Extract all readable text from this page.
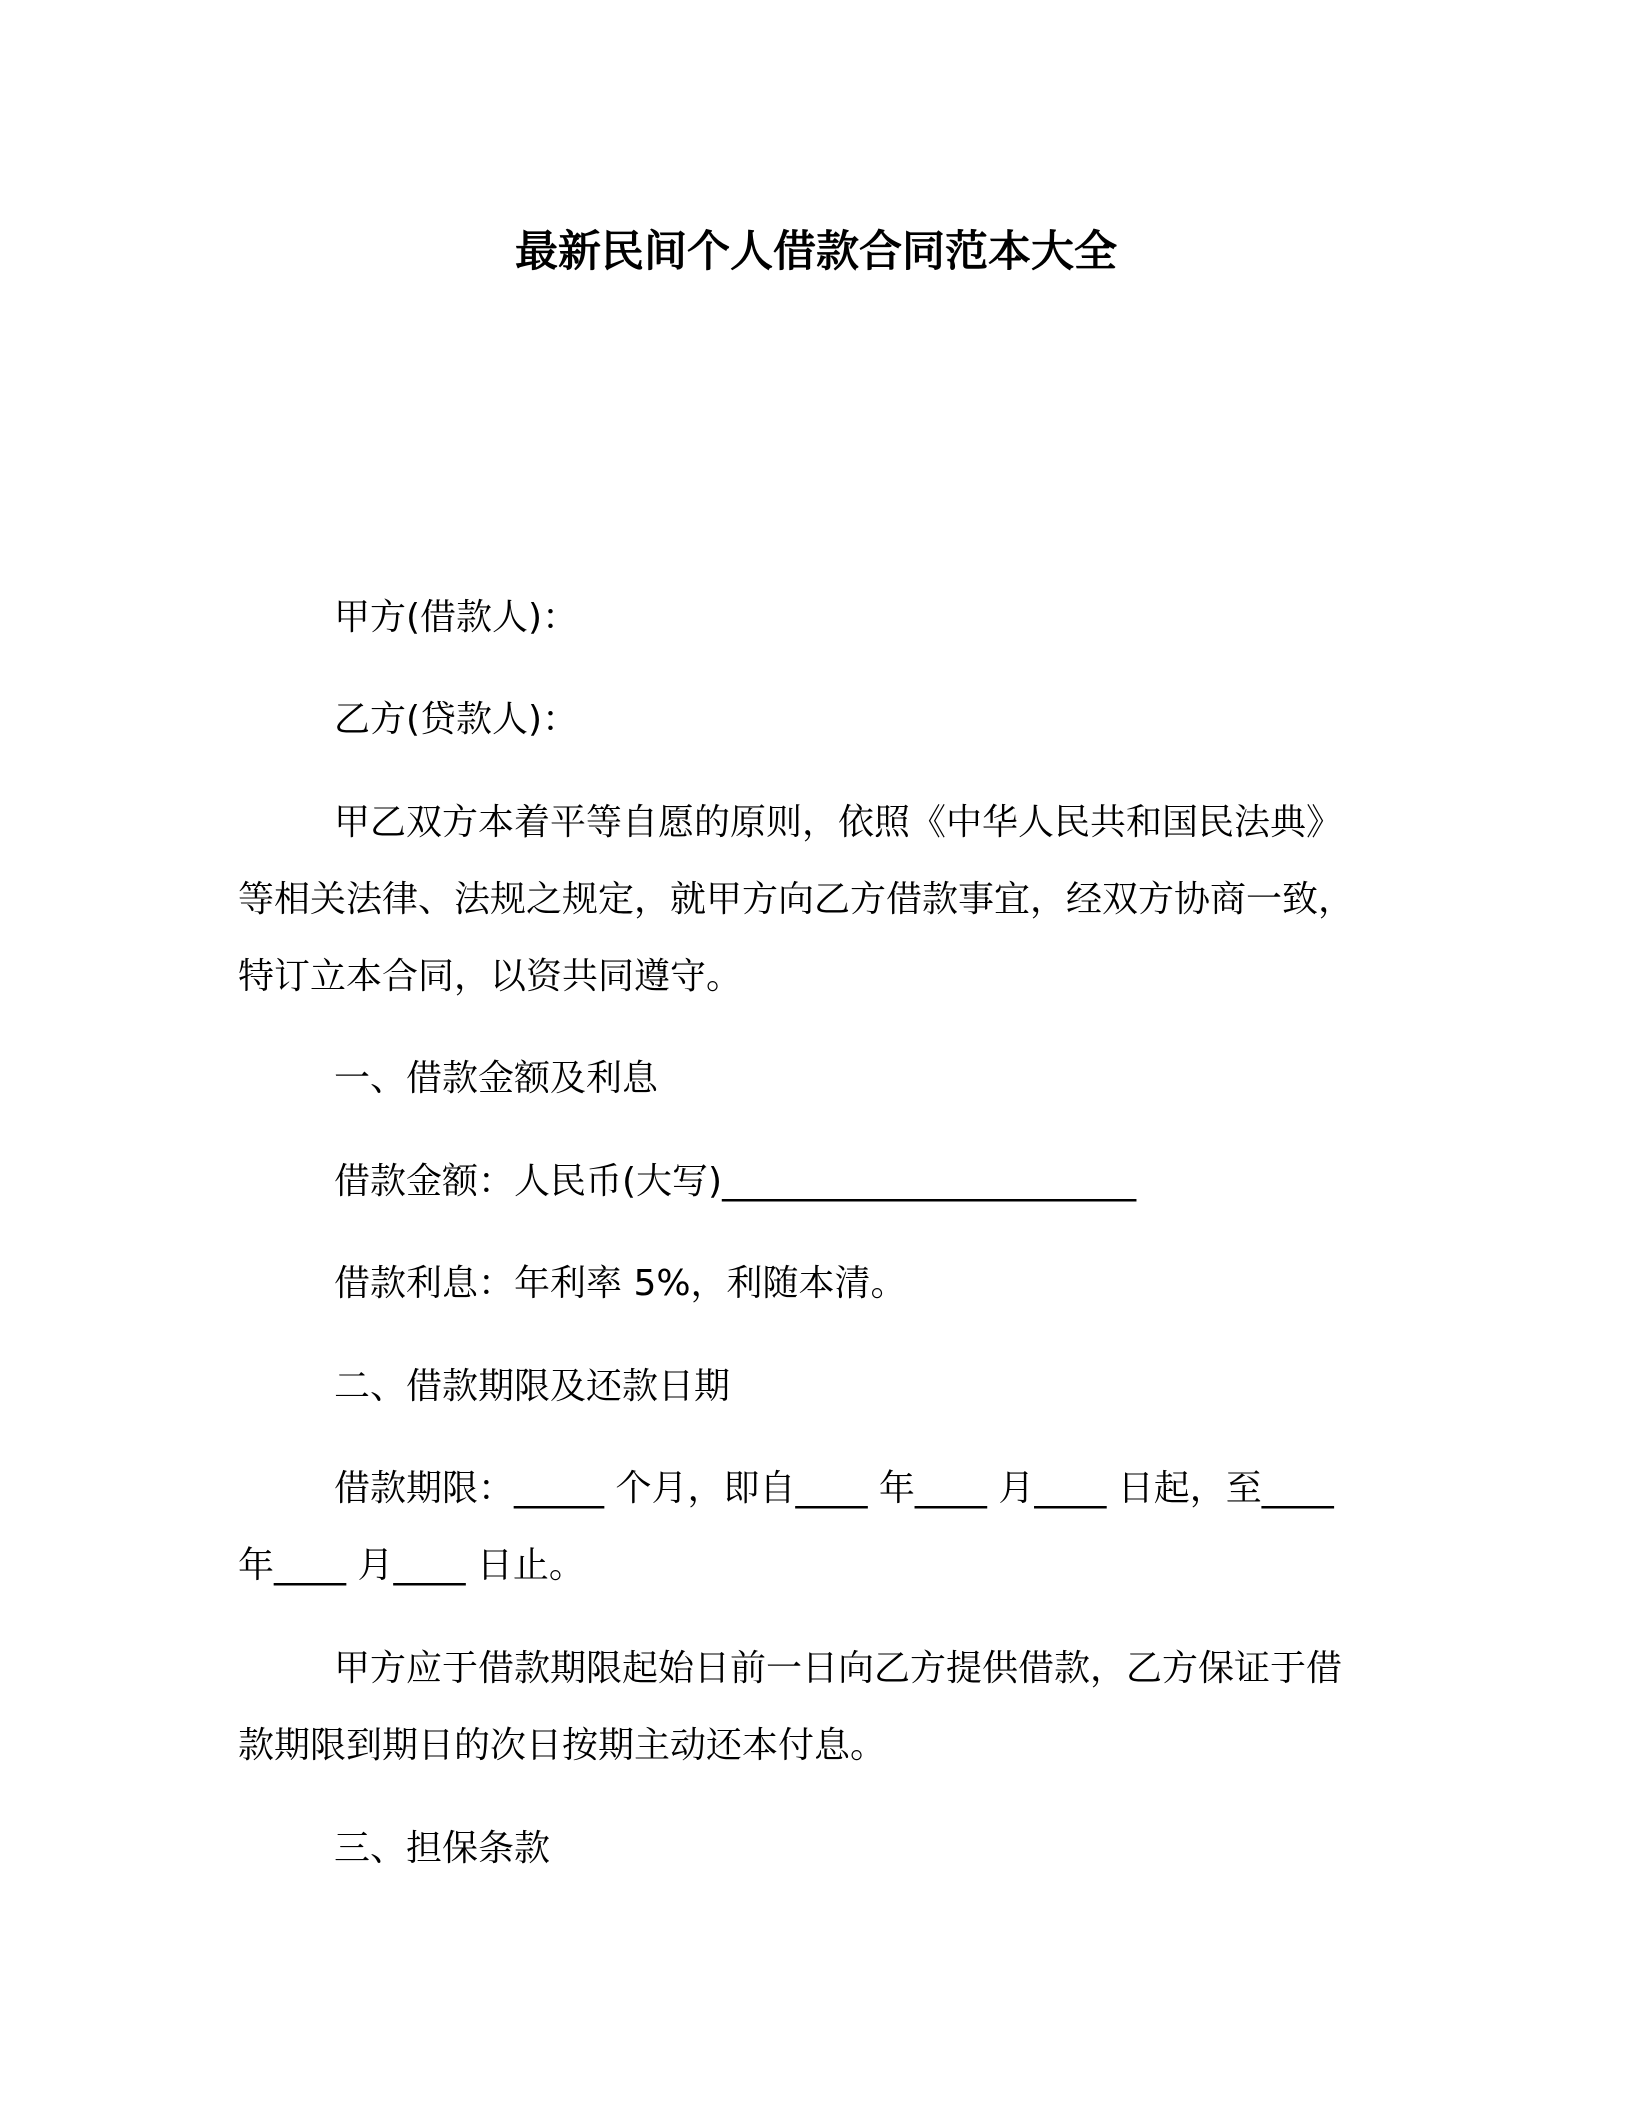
最新民间个人借款合同范本大全
甲方(借款人)：
乙方(贷款人)：
甲乙双方本着平等自愿的原则，依照《中华人民共和国民法典》
等相关法律、法规之规定，就甲方向乙方借款事宜，经双方协商一致，
特订立本合同，以资共同遵守。
一、借款金额及利息
借款金额：人民币(大写)_______________________
借款利息：年利率 5%，利随本清。
二、借款期限及还款日期
借款期限：_____ 个月，即自____ 年____ 月____ 日起，至____
年____ 月____ 日止。
甲方应于借款期限起始日前一日向乙方提供借款，乙方保证于借
款期限到期日的次日按期主动还本付息。
三、担保条款
